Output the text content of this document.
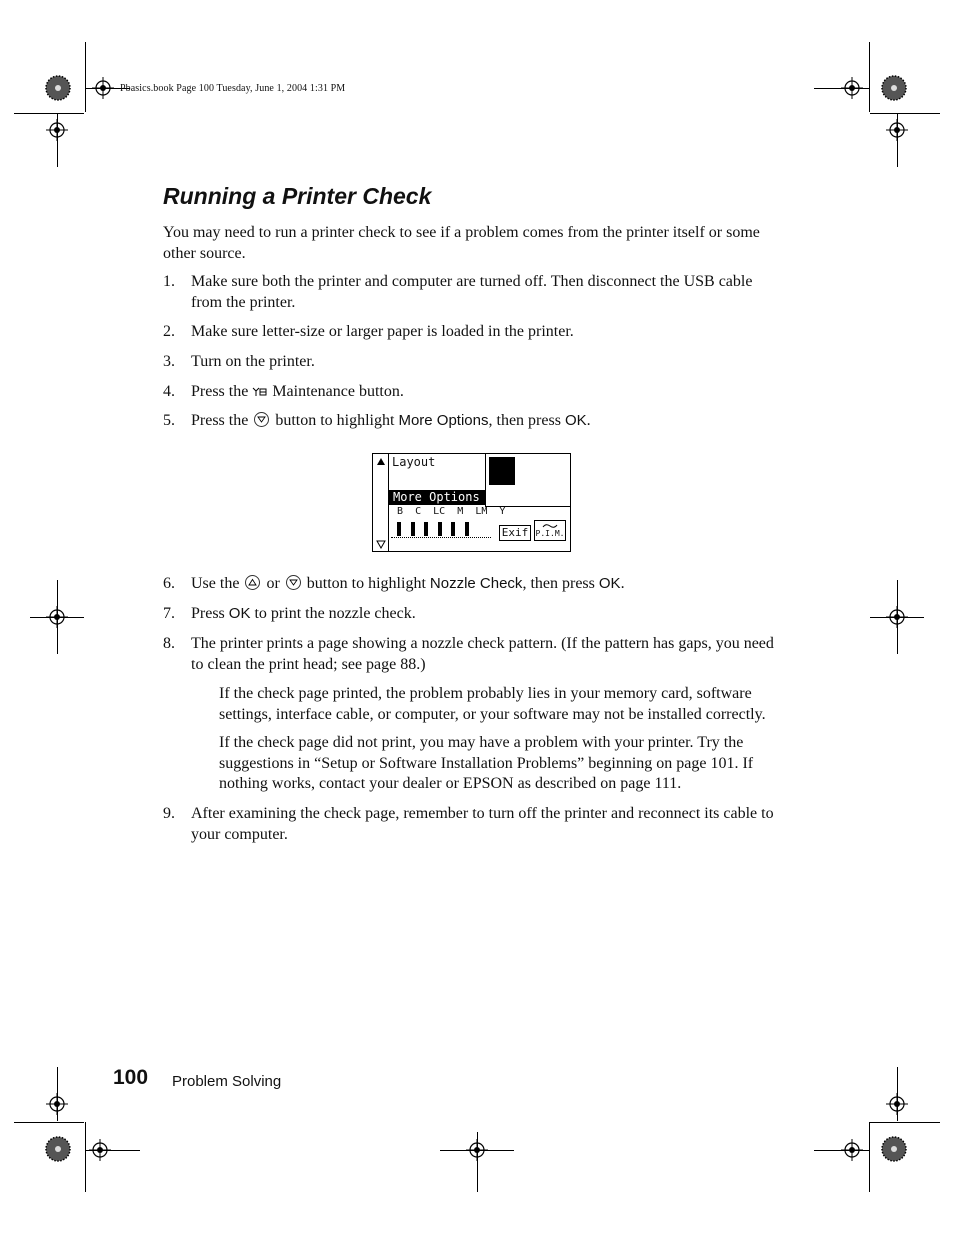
Pbasics.book Page 100 Tuesday, June 1, 2004 1:31 PM
Running a Printer Check
You may need to run a printer check to see if a problem comes from the printer itself or some other source.
1. Make sure both the printer and computer are turned off. Then disconnect the USB cable from the printer.
2. Make sure letter-size or larger paper is loaded in the printer.
3. Turn on the printer.
4. Press the Maintenance button.
5. Press the button to highlight More Options, then press OK.
Layout
More Options
B C LC M LM Y
Exif P.I.M.
6. Use the or button to highlight Nozzle Check, then press OK.
7. Press OK to print the nozzle check.
8. The printer prints a page showing a nozzle check pattern. (If the pattern has gaps, you need to clean the print head; see page 88.)
If the check page printed, the problem probably lies in your memory card, software settings, interface cable, or computer, or your software may not be installed correctly.
If the check page did not print, you may have a problem with your printer. Try the suggestions in “Setup or Software Installation Problems” beginning on page 101. If nothing works, contact your dealer or EPSON as described on page 111.
9. After examining the check page, remember to turn off the printer and reconnect its cable to your computer.
100 Problem Solving
